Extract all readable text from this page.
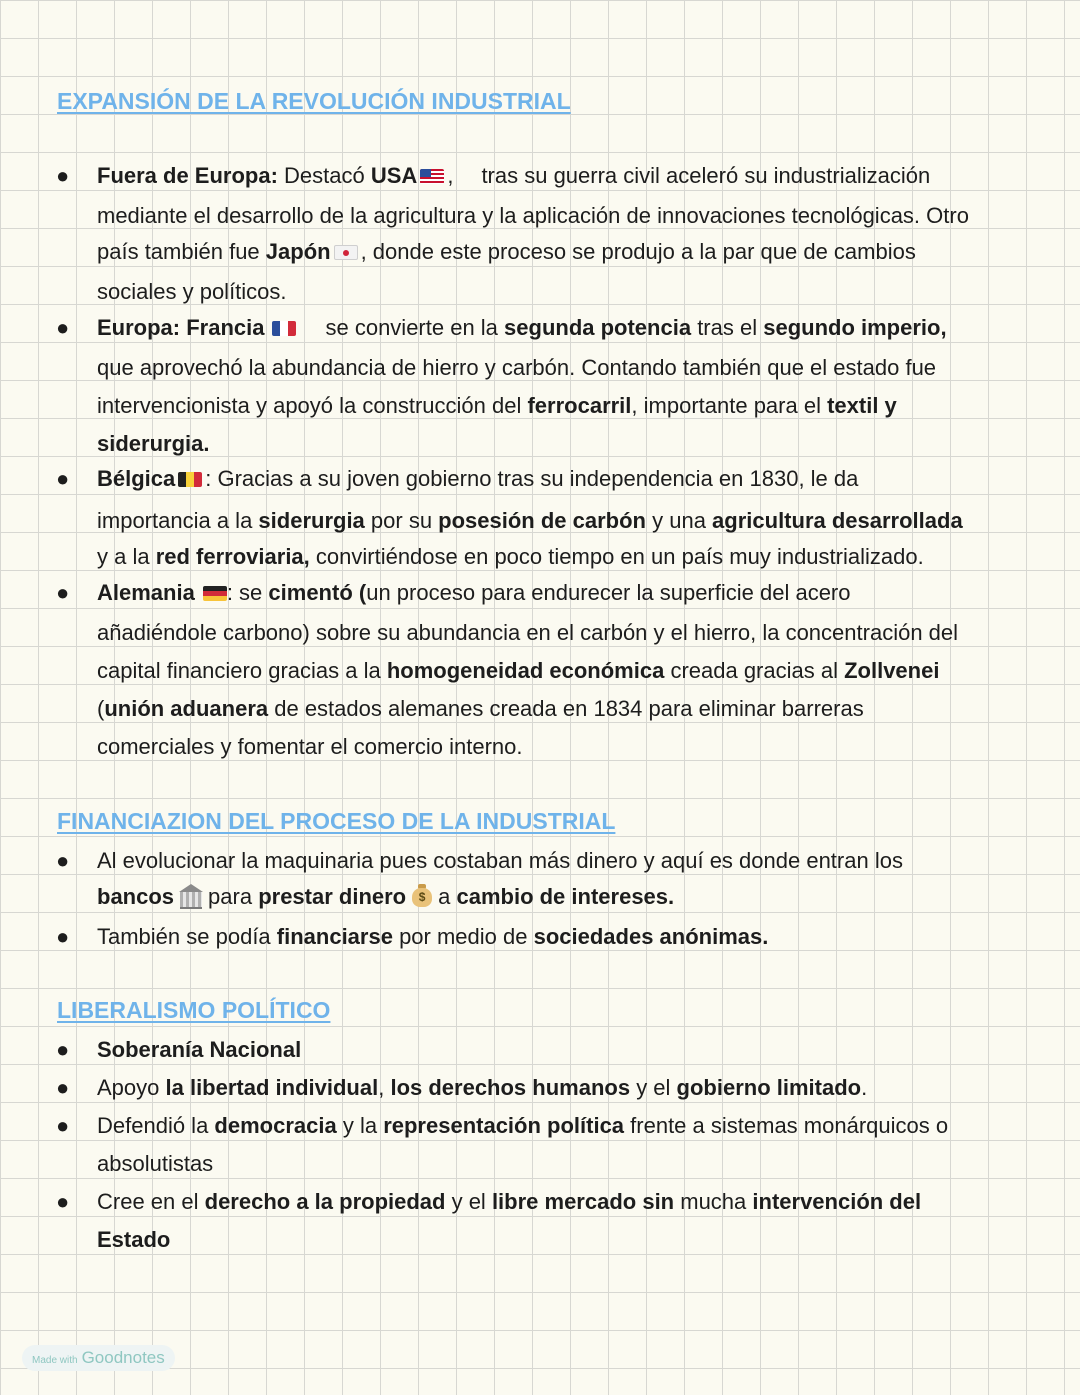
EXPANSIÓN DE LA REVOLUCIÓN INDUSTRIAL
● Fuera de Europa: Destacó USA , tras su guerra civil aceleró su industrialización
mediante el desarrollo de la agricultura y la aplicación de innovaciones tecnológicas. Otro
país también fue Japón , donde este proceso se produjo a la par que de cambios
sociales y políticos.
● Europa: Francia	se convierte en la segunda potencia tras el segundo imperio,
que aprovechó la abundancia de hierro y carbón. Contando también que el estado fue
intervencionista y apoyó la construcción del ferrocarril, importante para el textil y
siderurgia.
● Bélgica : Gracias a su joven gobierno tras su independencia en 1830, le da
importancia a la siderurgia por su posesión de carbón y una agricultura desarrollada
y a la red ferroviaria, convirtiéndose en poco tiempo en un país muy industrializado.
● Alemania : se cimentó (un proceso para endurecer la superficie del acero
añadiéndole carbono) sobre su abundancia en el carbón y el hierro, la concentración del
capital financiero gracias a la homogeneidad económica creada gracias al Zollvenei
(unión aduanera de estados alemanes creada en 1834 para eliminar barreras
comerciales y fomentar el comercio interno.
FINANCIAZION DEL PROCESO DE LA INDUSTRIAL
● Al evolucionar la maquinaria pues costaban más dinero y aquí es donde entran los
bancos para prestar dinero$ a cambio de intereses.
● También se podía financiarse por medio de sociedades anónimas.
LIBERALISMO POLÍTICO
● Soberanía Nacional
● Apoyo la libertad individual, los derechos humanos y el gobierno limitado.
● Defendió la democracia y la representación política frente a sistemas monárquicos o
absolutistas
● Cree en el derecho a la propiedad y el libre mercado sin mucha intervención del
Estado
Made with Goodnotes
